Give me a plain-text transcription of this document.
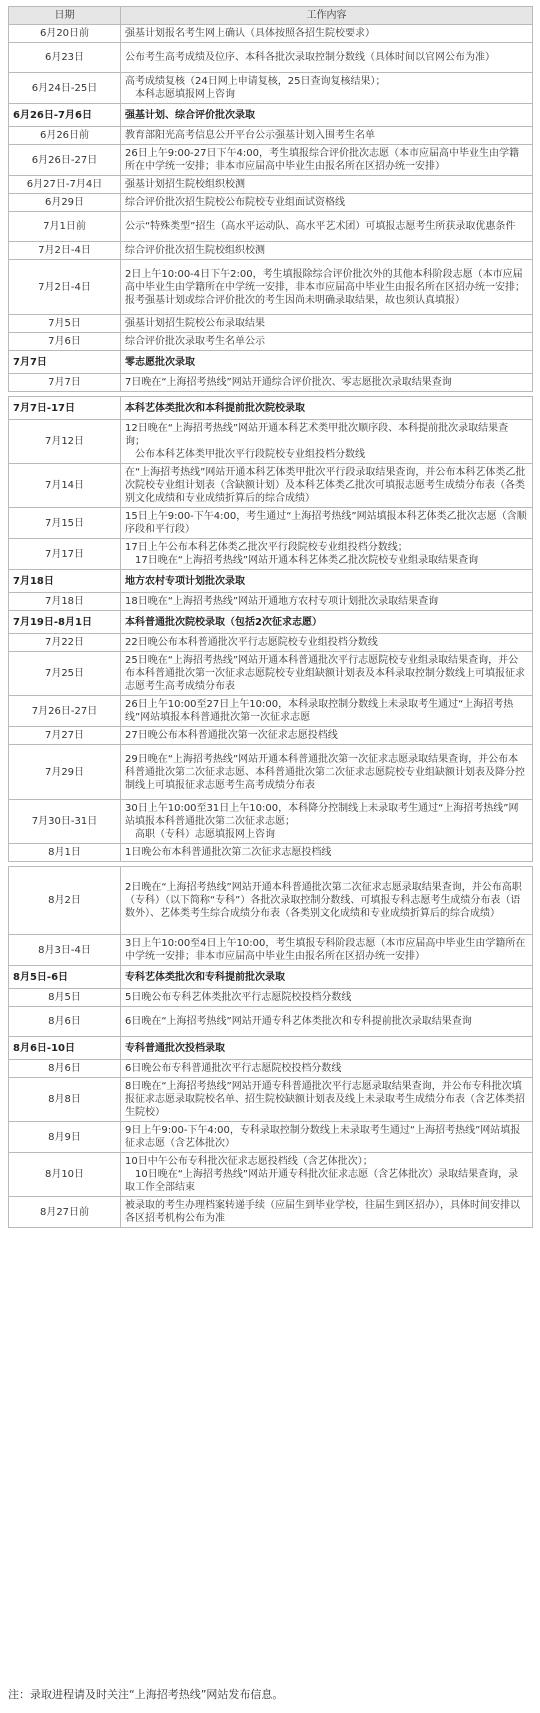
日期	工作内容
6月20日前	强基计划报名考生网上确认（具体按照各招生院校要求）
6月23日	公布考生高考成绩及位序、本科各批次录取控制分数线（具体时间以官网公布为准）
6月24日-25日	高考成绩复核（24日网上申请复核，25日查询复核结果）；
　本科志愿填报网上咨询
6月26日-7月6日	强基计划、综合评价批次录取
6月26日前	教育部阳光高考信息公开平台公示强基计划入围考生名单
6月26日-27日	26日上午9:00-27日下午4:00，考生填报综合评价批次志愿（本市应届高中毕业生由学籍所在中学统一安排；非本市应届高中毕业生由报名所在区招办统一安排）
6月27日-7月4日	强基计划招生院校组织校测
6月29日	综合评价批次招生院校公布院校专业组面试资格线
7月1日前	公示“特殊类型”招生（高水平运动队、高水平艺术团）可填报志愿考生所获录取优惠条件
7月2日-4日	综合评价批次招生院校组织校测
7月2日-4日	2日上午10:00-4日下午2:00，考生填报除综合评价批次外的其他本科阶段志愿（本市应届高中毕业生由学籍所在中学统一安排，非本市应届高中毕业生由报名所在区招办统一安排；报考强基计划或综合评价批次的考生因尚未明确录取结果，故也须认真填报）
7月5日	强基计划招生院校公布录取结果
7月6日	综合评价批次录取考生名单公示
7月7日	零志愿批次录取
7月7日	7日晚在“上海招考热线”网站开通综合评价批次、零志愿批次录取结果查询

7月7日-17日	本科艺体类批次和本科提前批次院校录取
7月12日	12日晚在“上海招考热线”网站开通本科艺术类甲批次顺序段、本科提前批次录取结果查询；
　公布本科艺体类甲批次平行段院校专业组投档分数线
7月14日	在“上海招考热线”网站开通本科艺体类甲批次平行段录取结果查询，并公布本科艺体类乙批次院校专业组计划表（含缺额计划）及本科艺体类乙批次可填报志愿考生成绩分布表（各类别文化成绩和专业成绩折算后的综合成绩）
7月15日	15日上午9:00-下午4:00，考生通过“上海招考热线”网站填报本科艺体类乙批次志愿（含顺序段和平行段）
7月17日	17日上午公布本科艺体类乙批次平行段院校专业组投档分数线；
　17日晚在“上海招考热线”网站开通本科艺体类乙批次院校专业组录取结果查询
7月18日	地方农村专项计划批次录取
7月18日	18日晚在“上海招考热线”网站开通地方农村专项计划批次录取结果查询
7月19日-8月1日	本科普通批次院校录取（包括2次征求志愿）
7月22日	22日晚公布本科普通批次平行志愿院校专业组投档分数线
7月25日	25日晚在“上海招考热线”网站开通本科普通批次平行志愿院校专业组录取结果查询，并公布本科普通批次第一次征求志愿院校专业组缺额计划表及本科录取控制分数线上可填报征求志愿考生高考成绩分布表
7月26日-27日	26日上午10:00至27日上午10:00，本科录取控制分数线上未录取考生通过“上海招考热线”网站填报本科普通批次第一次征求志愿
7月27日	27日晚公布本科普通批次第一次征求志愿投档线
7月29日	29日晚在“上海招考热线”网站开通本科普通批次第一次征求志愿录取结果查询，并公布本科普通批次第二次征求志愿、本科普通批次第二次征求志愿院校专业组缺额计划表及降分控制线上可填报征求志愿考生高考成绩分布表
7月30日-31日	30日上午10:00至31日上午10:00，本科降分控制线上未录取考生通过“上海招考热线”网站填报本科普通批次第二次征求志愿；
　高职（专科）志愿填报网上咨询
8月1日	1日晚公布本科普通批次第二次征求志愿投档线

8月2日	2日晚在“上海招考热线”网站开通本科普通批次第二次征求志愿录取结果查询，并公布高职（专科）（以下简称“专科”）各批次录取控制分数线、可填报专科志愿考生成绩分布表（语数外）、艺体类考生综合成绩分布表（各类别文化成绩和专业成绩折算后的综合成绩）
8月3日-4日	3日上午10:00至4日上午10:00，考生填报专科阶段志愿（本市应届高中毕业生由学籍所在中学统一安排；非本市应届高中毕业生由报名所在区招办统一安排）
8月5日-6日	专科艺体类批次和专科提前批次录取
8月5日	5日晚公布专科艺体类批次平行志愿院校投档分数线
8月6日	6日晚在“上海招考热线”网站开通专科艺体类批次和专科提前批次录取结果查询
8月6日-10日	专科普通批次投档录取
8月6日	6日晚公布专科普通批次平行志愿院校投档分数线
8月8日	8日晚在“上海招考热线”网站开通专科普通批次平行志愿录取结果查询，并公布专科批次填报征求志愿录取院校名单、招生院校缺额计划表及线上未录取考生成绩分布表（含艺体类招生院校）
8月9日	9日上午9:00-下午4:00，专科录取控制分数线上未录取考生通过“上海招考热线”网站填报征求志愿（含艺体批次）
8月10日	10日中午公布专科批次征求志愿投档线（含艺体批次）；
　10日晚在“上海招考热线”网站开通专科批次征求志愿（含艺体批次）录取结果查询，录取工作全部结束
8月27日前	被录取的考生办理档案转递手续（应届生到毕业学校，往届生到区招办），具体时间安排以各区招考机构公布为准
注：录取进程请及时关注“上海招考热线”网站发布信息。
